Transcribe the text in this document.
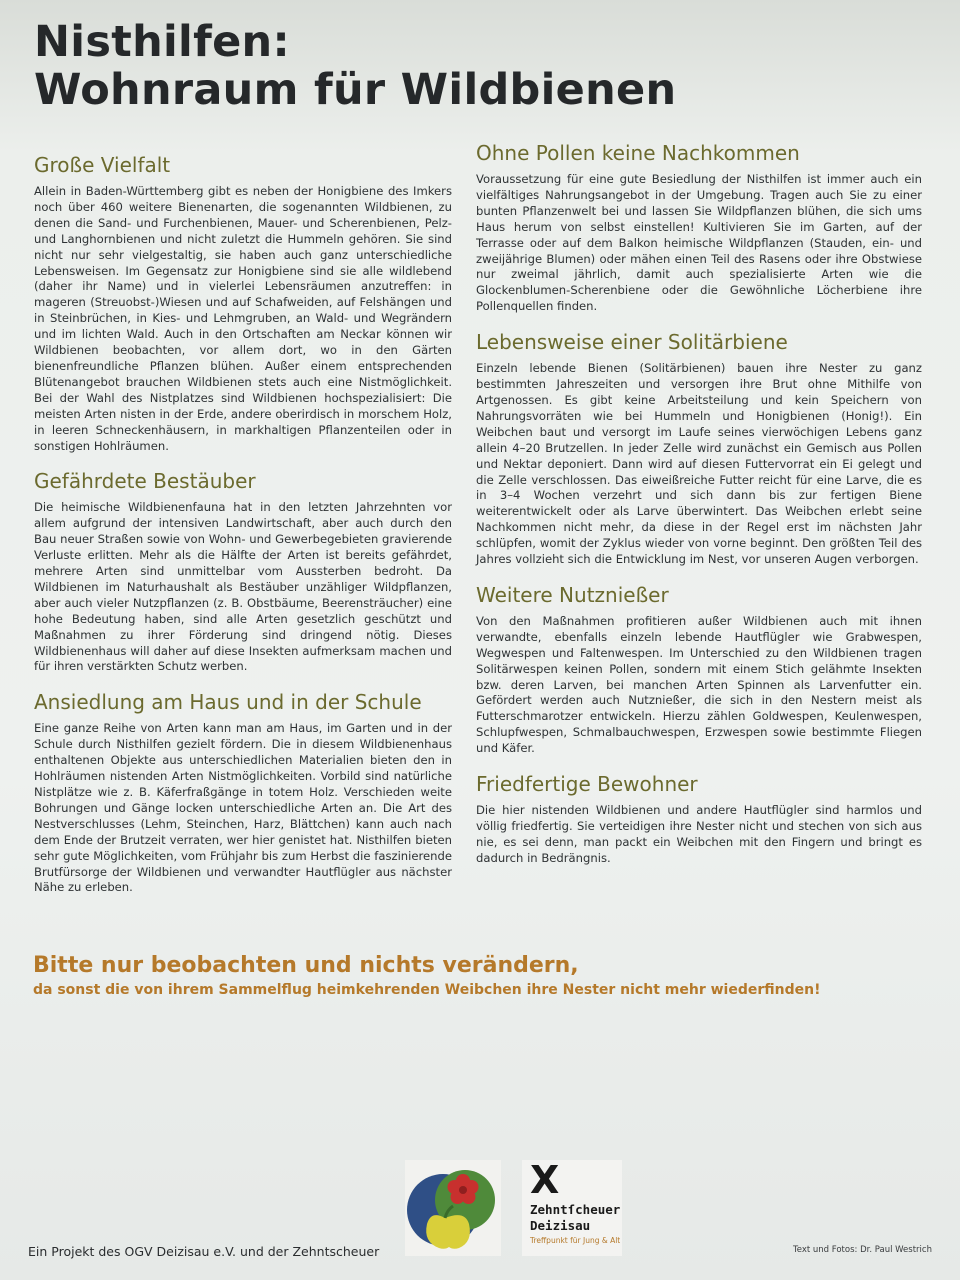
Nisthilfen:
Wohnraum für Wildbienen
Große Vielfalt

Allein in Baden-Württemberg gibt es neben der Honigbiene des Imkers noch über 460 weitere Bienenarten, die sogenannten Wildbienen, zu denen die Sand- und Furchenbienen, Mauer- und Scherenbienen, Pelz- und Langhornbienen und nicht zuletzt die Hummeln gehören. Sie sind nicht nur sehr vielgestaltig, sie haben auch ganz unterschiedliche Lebensweisen. Im Gegensatz zur Honigbiene sind sie alle wildlebend (daher ihr Name) und in vielerlei Lebensräumen anzutreffen: in mageren (Streuobst-)Wiesen und auf Schafweiden, auf Felshängen und in Steinbrüchen, in Kies- und Lehmgruben, an Wald- und Wegrändern und im lichten Wald. Auch in den Ortschaften am Neckar können wir Wildbienen beobachten, vor allem dort, wo in den Gärten bienenfreundliche Pflanzen blühen. Außer einem entsprechenden Blütenangebot brauchen Wildbienen stets auch eine Nistmöglichkeit. Bei der Wahl des Nistplatzes sind Wildbienen hochspezialisiert: Die meisten Arten nisten in der Erde, andere oberirdisch in morschem Holz, in leeren Schneckenhäusern, in markhaltigen Pflanzenteilen oder in sonstigen Hohlräumen.

Gefährdete Bestäuber

Die heimische Wildbienenfauna hat in den letzten Jahrzehnten vor allem aufgrund der intensiven Landwirtschaft, aber auch durch den Bau neuer Straßen sowie von Wohn- und Gewerbegebieten gravierende Verluste erlitten. Mehr als die Hälfte der Arten ist bereits gefährdet, mehrere Arten sind unmittelbar vom Aussterben bedroht. Da Wildbienen im Naturhaushalt als Bestäuber unzähliger Wildpflanzen, aber auch vieler Nutzpflanzen (z. B. Obstbäume, Beerensträucher) eine hohe Bedeutung haben, sind alle Arten gesetzlich geschützt und Maßnahmen zu ihrer Förderung sind dringend nötig. Dieses Wildbienenhaus will daher auf diese Insekten aufmerksam machen und für ihren verstärkten Schutz werben.

Ansiedlung am Haus und in der Schule

Eine ganze Reihe von Arten kann man am Haus, im Garten und in der Schule durch Nisthilfen gezielt fördern. Die in diesem Wildbienenhaus enthaltenen Objekte aus unterschiedlichen Materialien bieten den in Hohlräumen nistenden Arten Nistmöglichkeiten. Vorbild sind natürliche Nistplätze wie z. B. Käferfraßgänge in totem Holz. Verschieden weite Bohrungen und Gänge locken unterschiedliche Arten an. Die Art des Nestverschlusses (Lehm, Steinchen, Harz, Blättchen) kann auch nach dem Ende der Brutzeit verraten, wer hier genistet hat. Nisthilfen bieten sehr gute Möglichkeiten, vom Frühjahr bis zum Herbst die faszinierende Brutfürsorge der Wildbienen und verwandter Hautflügler aus nächster Nähe zu erleben.

Ohne Pollen keine Nachkommen

Voraussetzung für eine gute Besiedlung der Nisthilfen ist immer auch ein vielfältiges Nahrungsangebot in der Umgebung. Tragen auch Sie zu einer bunten Pflanzenwelt bei und lassen Sie Wildpflanzen blühen, die sich ums Haus herum von selbst einstellen! Kultivieren Sie im Garten, auf der Terrasse oder auf dem Balkon heimische Wildpflanzen (Stauden, ein- und zweijährige Blumen) oder mähen einen Teil des Rasens oder ihre Obstwiese nur zweimal jährlich, damit auch spezialisierte Arten wie die Glockenblumen-Scherenbiene oder die Gewöhnliche Löcherbiene ihre Pollenquellen finden.

Lebensweise einer Solitärbiene

Einzeln lebende Bienen (Solitärbienen) bauen ihre Nester zu ganz bestimmten Jahreszeiten und versorgen ihre Brut ohne Mithilfe von Artgenossen. Es gibt keine Arbeitsteilung und kein Speichern von Nahrungsvorräten wie bei Hummeln und Honigbienen (Honig!). Ein Weibchen baut und versorgt im Laufe seines vierwöchigen Lebens ganz allein 4–20 Brutzellen. In jeder Zelle wird zunächst ein Gemisch aus Pollen und Nektar deponiert. Dann wird auf diesen Futtervorrat ein Ei gelegt und die Zelle verschlossen. Das eiweißreiche Futter reicht für eine Larve, die es in 3–4 Wochen verzehrt und sich dann bis zur fertigen Biene weiterentwickelt oder als Larve überwintert. Das Weibchen erlebt seine Nachkommen nicht mehr, da diese in der Regel erst im nächsten Jahr schlüpfen, womit der Zyklus wieder von vorne beginnt. Den größten Teil des Jahres vollzieht sich die Entwicklung im Nest, vor unseren Augen verborgen.

Weitere Nutznießer

Von den Maßnahmen profitieren außer Wildbienen auch mit ihnen verwandte, ebenfalls einzeln lebende Hautflügler wie Grabwespen, Wegwespen und Faltenwespen. Im Unterschied zu den Wildbienen tragen Solitärwespen keinen Pollen, sondern mit einem Stich gelähmte Insekten bzw. deren Larven, bei manchen Arten Spinnen als Larvenfutter ein. Gefördert werden auch Nutznießer, die sich in den Nestern meist als Futterschmarotzer entwickeln. Hierzu zählen Goldwespen, Keulenwespen, Schlupfwespen, Schmalbauchwespen, Erzwespen sowie bestimmte Fliegen und Käfer.

Friedfertige Bewohner

Die hier nistenden Wildbienen und andere Hautflügler sind harmlos und völlig friedfertig. Sie verteidigen ihre Nester nicht und stechen von sich aus nie, es sei denn, man packt ein Weibchen mit den Fingern und bringt es dadurch in Bedrängnis.

Bitte nur beobachten und nichts verändern,
da sonst die von ihrem Sammelflug heimkehrenden Weibchen ihre Nester nicht mehr wiederfinden!
Ein Projekt des OGV Deizisau e.V. und der Zehntscheuer
X
Zehntſcheuer
Deizisau
Treffpunkt für Jung & Alt
Text und Fotos: Dr. Paul Westrich
